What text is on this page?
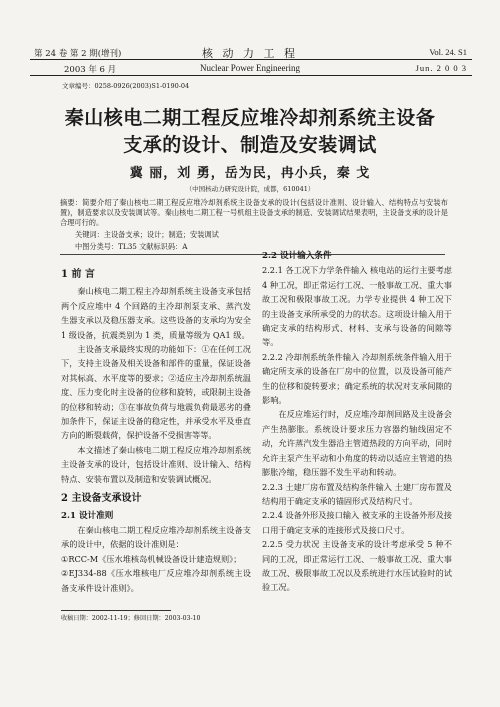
第 24 卷 第 2 期(增刊)
2003 年 6 月
核 动 力 工 程
Nuclear Power Engineering
Vol. 24. S1
Jun. 2 0 0 3
文章编号：0258-0926(2003)S1-0190-04
秦山核电二期工程反应堆冷却剂系统主设备
支承的设计、制造及安装调试
冀 丽，刘 勇，岳为民，冉小兵，秦 戈
（中国核动力研究设计院，成都，610041）
摘要：简要介绍了秦山核电二期工程反应堆冷却剂系统主设备支承的设计(包括设计准则、设计输入、结构特点与安装布置)，制造要求以及安装调试等。秦山核电二期工程一号机组主设备支承的制造、安装调试结果表明，主设备支承的设计是合理可行的。
关键词：主设备支承；设计；制造；安装调试
中图分类号：TL35 文献标识码：A
1 前 言

秦山核电二期工程主冷却剂系统主设备支承包括两个反应堆中 4 个回路的主冷却剂泵支承、蒸汽发生器支承以及稳压器支承。这些设备的支承均为安全 1 级设备，抗震类别为 1 类，质量等级为 QA1 级。

主设备支承最终实现的功能如下：①在任何工况下，支持主设备及相关设备和部件的重量，保证设备对其标高、水平度等的要求；②适应主冷却剂系统温度、压力变化时主设备的位移和旋转，或限制主设备的位移和转动；③在事故负荷与地震负荷最恶劣的叠加条件下，保证主设备的稳定性，并承受水平及垂直方向的断裂载荷，保护设备不受损害等等。

本文描述了秦山核电二期工程反应堆冷却剂系统主设备支承的设计，包括设计准则、设计输入、结构特点、安装布置以及制造和安装调试概况。

2 主设备支承设计
2.1 设计准则

在秦山核电二期工程反应堆冷却剂系统主设备支承的设计中，依据的设计准则是：

①RCC-M《压水堆核岛机械设备设计建造规则》；

②EJ334-88《压水堆核电厂反应堆冷却剂系统主设备支承件设计准则》。

2.2 设计输入条件

2.2.1 各工况下力学条件输入 核电站的运行主要考虑 4 种工况，即正常运行工况、一般事故工况、重大事故工况和极限事故工况。力学专业提供 4 种工况下的主设备支承所承受的力的状态。这项设计输入用于确定支承的结构形式、材料、支承与设备的间隙等等。

2.2.2 冷却剂系统条件输入 冷却剂系统条件输入用于确定所支承的设备在厂房中的位置，以及设备可能产生的位移和旋转要求；确定系统的状况对支承间隙的影响。

在反应堆运行时，反应堆冷却剂回路及主设备会产生热膨胀。系统设计要求压力容器约轴线固定不动，允许蒸汽发生器沿主管道热段的方向平动，同时允许主泵产生平动和小角度的转动以适应主管道的热膨胀冷缩，稳压器不发生平动和转动。

2.2.3 土建厂房布置及结构条件输入 土建厂房布置及结构用于确定支承的锚固形式及结构尺寸。

2.2.4 设备外形及接口输入 被支承的主设备外形及接口用于确定支承的连接形式及接口尺寸。

2.2.5 受力状况 主设备支承的设计考虑承受 5 种不同的工况，即正常运行工况、一般事故工况、重大事故工况、极限事故工况以及系统进行水压试验时的试验工况。

收稿日期：2002-11-19；修回日期：2003-03-10
